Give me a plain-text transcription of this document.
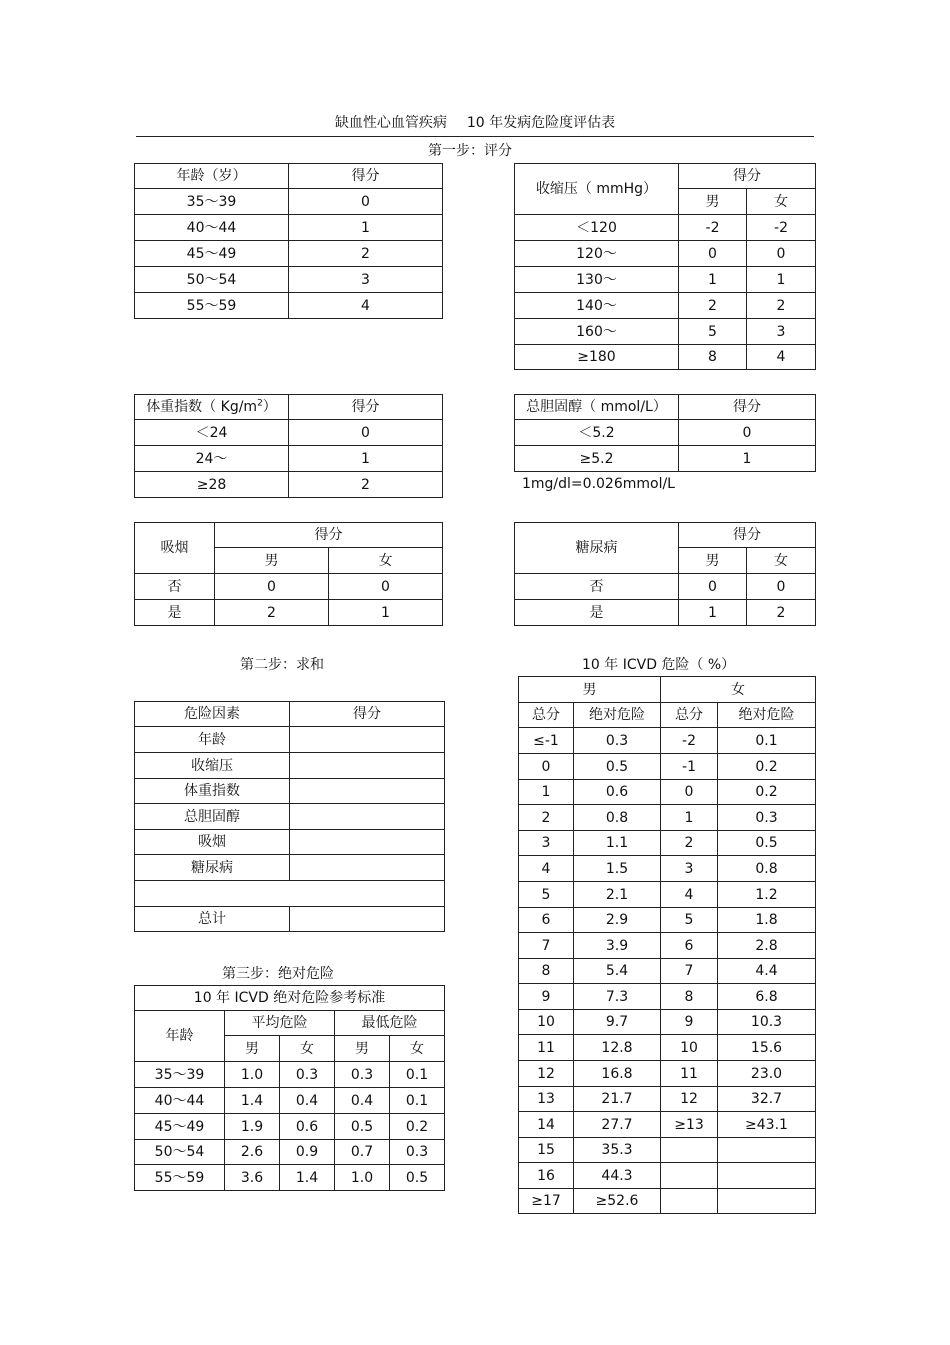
缺血性心血管疾病 10 年发病危险度评估表
第一步：评分
年龄（岁）	得分
35～39	0
40～44	1
45～49	2
50～54	3
55～59	4
收缩压（ mmHg）	得分	
	男	女
＜120	-2	-2
120～	0	0
130～	1	1
140～	2	2
160～	5	3
≥180	8	4
体重指数（ $Kg/m^2$）	得分
＜24	0
24～	1
≥28	2
总胆固醇（ mmol/L）	得分
＜5.2	0
≥5.2	1
1mg/dl=0.026mmol/L
吸烟	得分	
	男	女
否	0	0
是	2	1
糖尿病	得分	
	男	女
否	0	0
是	1	2
第二步：求和	10 年 ICVD 危险（ %）
危险因素	得分
年龄	
收缩压	
体重指数	
总胆固醇	
吸烟	
糖尿病	

总计	
第三步：绝对危险
10 年 ICVD 绝对危险参考标准				
年龄	平均危险		最低危险	
	男	女	男	女
35～39	1.0	0.3	0.3	0.1
40～44	1.4	0.4	0.4	0.1
45～49	1.9	0.6	0.5	0.2
50～54	2.6	0.9	0.7	0.3
55～59	3.6	1.4	1.0	0.5
男		女	
总分	绝对危险	总分	绝对危险
≤-1	0.3	-2	0.1
0	0.5	-1	0.2
1	0.6	0	0.2
2	0.8	1	0.3
3	1.1	2	0.5
4	1.5	3	0.8
5	2.1	4	1.2
6	2.9	5	1.8
7	3.9	6	2.8
8	5.4	7	4.4
9	7.3	8	6.8
10	9.7	9	10.3
11	12.8	10	15.6
12	16.8	11	23.0
13	21.7	12	32.7
14	27.7	≥13	≥43.1
15	35.3		
16	44.3		
≥17	≥52.6		
